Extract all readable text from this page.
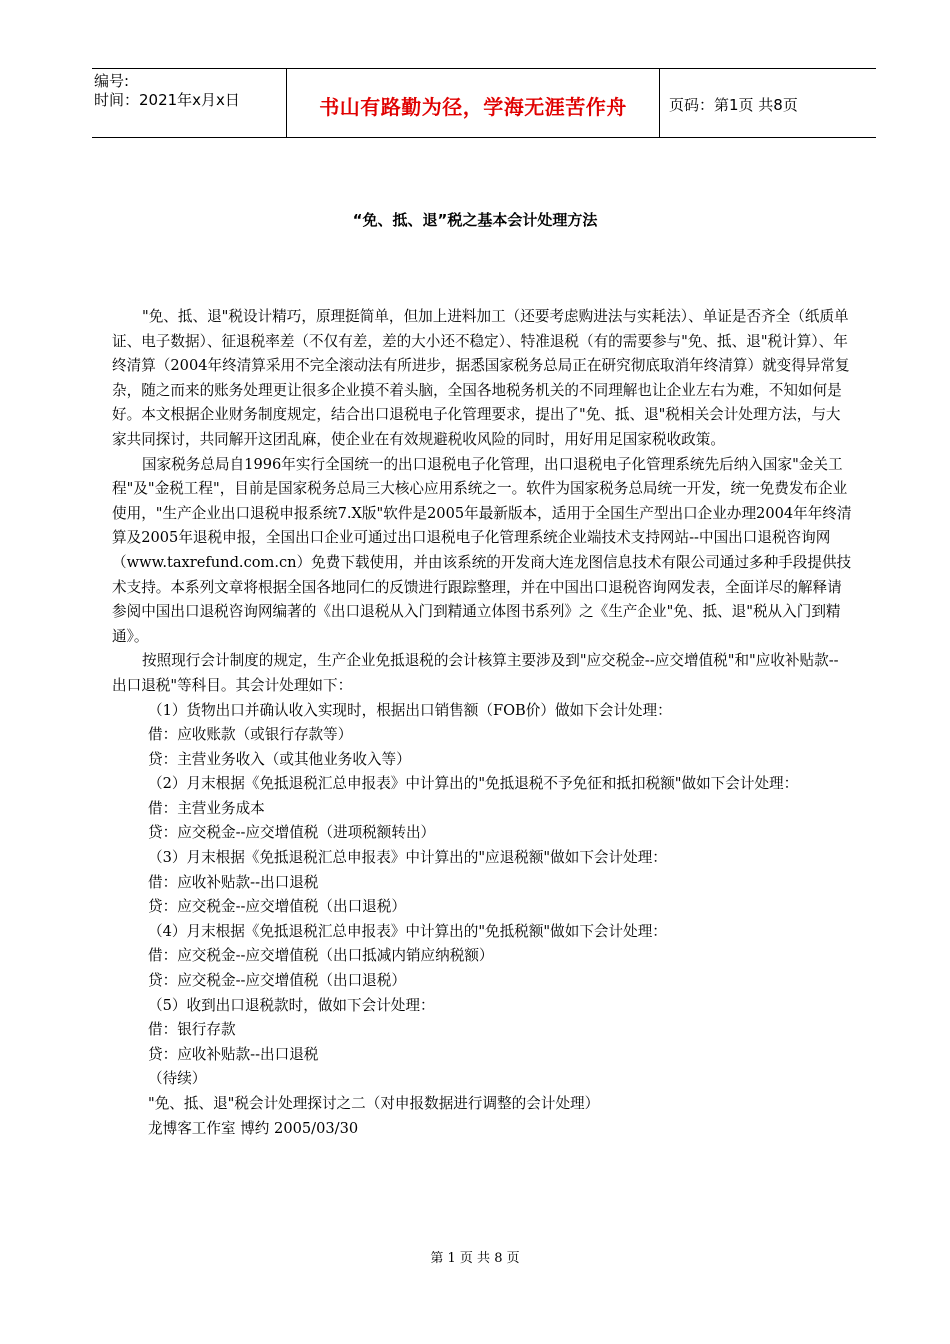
编号:
时间：2021年x月x日	书山有路勤为径，学海无涯苦作舟	页码：第1页 共8页
“免、抵、退”税之基本会计处理方法

"免、抵、退"税设计精巧，原理挺简单，但加上进料加工（还要考虑购进法与实耗法）、单证是否齐全（纸质单证、电子数据）、征退税率差（不仅有差，差的大小还不稳定）、特准退税（有的需要参与"免、抵、退"税计算）、年终清算（2004年终清算采用不完全滚动法有所进步，据悉国家税务总局正在研究彻底取消年终清算）就变得异常复杂，随之而来的账务处理更让很多企业摸不着头脑，全国各地税务机关的不同理解也让企业左右为难，不知如何是好。本文根据企业财务制度规定，结合出口退税电子化管理要求，提出了"免、抵、退"税相关会计处理方法，与大家共同探讨，共同解开这团乱麻，使企业在有效规避税收风险的同时，用好用足国家税收政策。

国家税务总局自1996年实行全国统一的出口退税电子化管理，出口退税电子化管理系统先后纳入国家"金关工程"及"金税工程"，目前是国家税务总局三大核心应用系统之一。软件为国家税务总局统一开发，统一免费发布企业使用，"生产企业出口退税申报系统7.X版"软件是2005年最新版本，适用于全国生产型出口企业办理2004年年终清算及2005年退税申报，全国出口企业可通过出口退税电子化管理系统企业端技术支持网站--中国出口退税咨询网（www.taxrefund.com.cn）免费下载使用，并由该系统的开发商大连龙图信息技术有限公司通过多种手段提供技术支持。本系列文章将根据全国各地同仁的反馈进行跟踪整理，并在中国出口退税咨询网发表，全面详尽的解释请参阅中国出口退税咨询网编著的《出口退税从入门到精通立体图书系列》之《生产企业"免、抵、退"税从入门到精通》。

按照现行会计制度的规定，生产企业免抵退税的会计核算主要涉及到"应交税金--应交增值税"和"应收补贴款--出口退税"等科目。其会计处理如下：

（1）货物出口并确认收入实现时，根据出口销售额（FOB价）做如下会计处理：

借：应收账款（或银行存款等）

贷：主营业务收入（或其他业务收入等）

（2）月末根据《免抵退税汇总申报表》中计算出的"免抵退税不予免征和抵扣税额"做如下会计处理：

借：主营业务成本

贷：应交税金--应交增值税（进项税额转出）

（3）月末根据《免抵退税汇总申报表》中计算出的"应退税额"做如下会计处理：

借：应收补贴款--出口退税

贷：应交税金--应交增值税（出口退税）

（4）月末根据《免抵退税汇总申报表》中计算出的"免抵税额"做如下会计处理：

借：应交税金--应交增值税（出口抵减内销应纳税额）

贷：应交税金--应交增值税（出口退税）

（5）收到出口退税款时，做如下会计处理：

借：银行存款

贷：应收补贴款--出口退税

（待续）

"免、抵、退"税会计处理探讨之二（对申报数据进行调整的会计处理）

龙博客工作室 博约 2005/03/30

第 1 页 共 8 页
